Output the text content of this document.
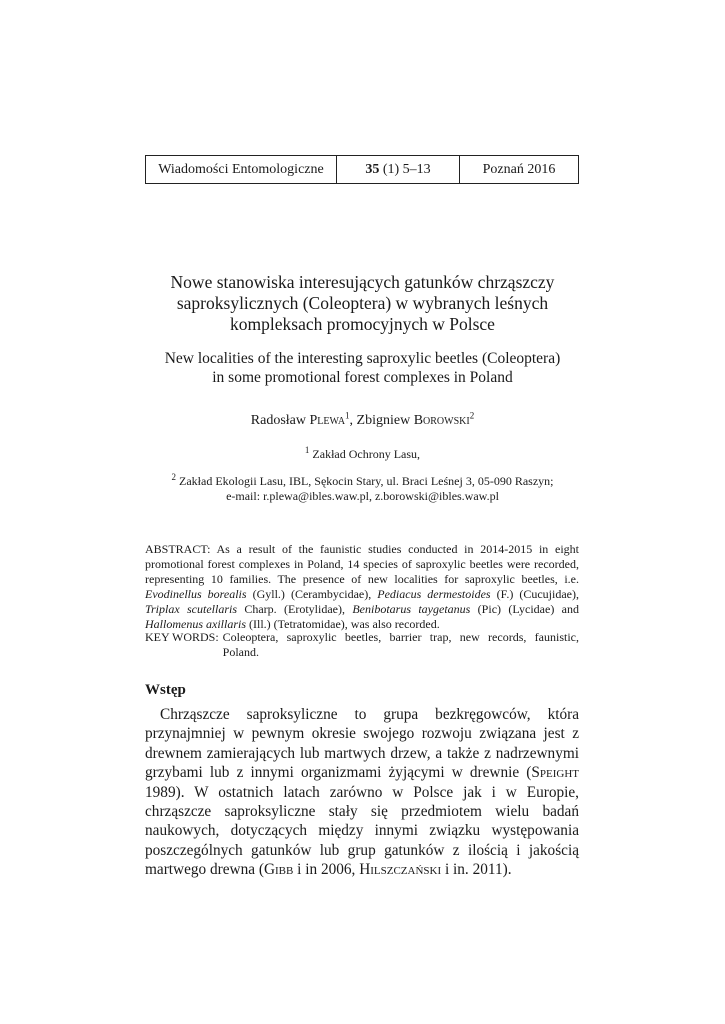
Wiadomości Entomologiczne	35 (1) 5–13	Poznań 2016
Nowe stanowiska interesujących gatunków chrząszczy
saproksylicznych (Coleoptera) w wybranych leśnych
kompleksach promocyjnych w Polsce
New localities of the interesting saproxylic beetles (Coleoptera)
in some promotional forest complexes in Poland
Radosław Plewa$^1$, Zbigniew Borowski$^2$
$^1$ Zakład Ochrony Lasu,
$^2$ Zakład Ekologii Lasu, IBL, Sękocin Stary, ul. Braci Leśnej 3, 05-090 Raszyn;
e-mail: r.plewa@ibles.waw.pl, z.borowski@ibles.waw.pl
ABSTRACT: As a result of the faunistic studies conducted in 2014-2015 in eight promotional forest complexes in Poland, 14 species of saproxylic beetles were recorded, representing 10 families. The presence of new localities for saproxylic beetles, i.e. Evodinellus borealis (Gyll.) (Cerambycidae), Pediacus dermestoides (F.) (Cucujidae), Triplax scutellaris Charp. (Erotylidae), Benibotarus taygetanus (Pic) (Lycidae) and Hallomenus axillaris (Ill.) (Tetratomidae), was also recorded.
KEY WORDS: Coleoptera, saproxylic beetles, barrier trap, new records, faunistic, Poland.
Wstęp
Chrząszcze saproksyliczne to grupa bezkręgowców, która przynajmniej w pewnym okresie swojego rozwoju związana jest z drewnem zamierających lub martwych drzew, a także z nadrzewnymi grzybami lub z innymi organizmami żyjącymi w drewnie (Speight 1989). W ostatnich latach zarówno w Polsce jak i w Europie, chrząszcze saproksyliczne stały się przedmiotem wielu badań naukowych, dotyczących między innymi związku występowania poszczególnych gatunków lub grup gatunków z ilością i jakością martwego drewna (Gibb i in 2006, Hilszczański i in. 2011).
